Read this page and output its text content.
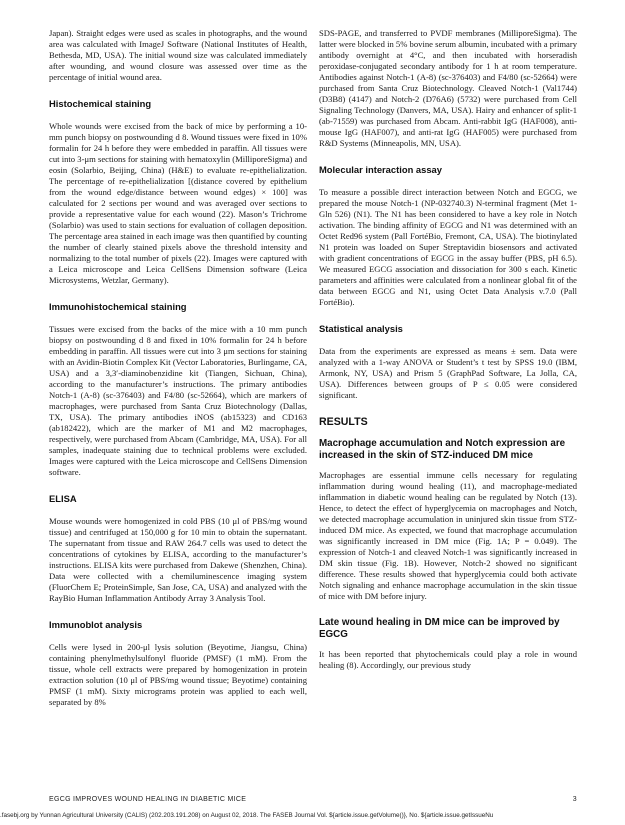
Japan). Straight edges were used as scales in photographs, and the wound area was calculated with ImageJ Software (National Institutes of Health, Bethesda, MD, USA). The initial wound size was calculated immediately after wounding, and wound closure was assessed over time as the percentage of initial wound area.

Histochemical staining

Whole wounds were excised from the back of mice by performing a 10-mm punch biopsy on postwounding d 8. Wound tissues were fixed in 10% formalin for 24 h before they were embedded in paraffin. All tissues were cut into 3-μm sections for staining with hematoxylin (MilliporeSigma) and eosin (Solarbio, Beijing, China) (H&E) to evaluate re-epithelialization. The percentage of re-epithelialization [(distance covered by epithelium from the wound edge/distance between wound edges) × 100] was calculated for 2 sections per wound and was averaged over sections to provide a representative value for each wound (22). Mason’s Trichrome (Solarbio) was used to stain sections for evaluation of collagen deposition. The percentage area stained in each image was then quantified by counting the number of clearly stained pixels above the threshold intensity and normalizing to the total number of pixels (22). Images were captured with a Leica microscope and Leica CellSens Dimension software (Leica Microsystems, Wetzlar, Germany).

Immunohistochemical staining

Tissues were excised from the backs of the mice with a 10 mm punch biopsy on postwounding d 8 and fixed in 10% formalin for 24 h before embedding in paraffin. All tissues were cut into 3 μm sections for staining with an Avidin-Biotin Complex Kit (Vector Laboratories, Burlingame, CA, USA) and a 3,3′-diaminobenzidine kit (Tiangen, Sichuan, China), according to the manufacturer’s instructions. The primary antibodies Notch-1 (A-8) (sc-376403) and F4/80 (sc-52664), which are markers of macrophages, were purchased from Santa Cruz Biotechnology (Dallas, TX, USA). The primary antibodies iNOS (ab15323) and CD163 (ab182422), which are the marker of M1 and M2 macrophages, respectively, were purchased from Abcam (Cambridge, MA, USA). For all samples, inadequate staining due to technical problems were excluded. Images were captured with the Leica microscope and CellSens Dimension software.

ELISA

Mouse wounds were homogenized in cold PBS (10 μl of PBS/mg wound tissue) and centrifuged at 150,000 g for 10 min to obtain the supernatant. The supernatant from tissue and RAW 264.7 cells was used to detect the concentrations of cytokines by ELISA, according to the manufacturer’s instructions. ELISA kits were purchased from Dakewe (Shenzhen, China). Data were collected with a chemiluminescence imaging system (FluorChem E; ProteinSimple, San Jose, CA, USA) and analyzed with the RayBio Human Inflammation Antibody Array 3 Analysis Tool.

Immunoblot analysis

Cells were lysed in 200-μl lysis solution (Beyotime, Jiangsu, China) containing phenylmethylsulfonyl fluoride (PMSF) (1 mM). From the tissue, whole cell extracts were prepared by homogenization in protein extraction solution (10 μl of PBS/mg wound tissue; Beyotime) containing PMSF (1 mM). Sixty micrograms protein was applied to each well, separated by 8%

SDS-PAGE, and transferred to PVDF membranes (MilliporeSigma). The latter were blocked in 5% bovine serum albumin, incubated with a primary antibody overnight at 4°C, and then incubated with horseradish peroxidase-conjugated secondary antibody for 1 h at room temperature. Antibodies against Notch-1 (A-8) (sc-376403) and F4/80 (sc-52664) were purchased from Santa Cruz Biotechnology. Cleaved Notch-1 (Val1744) (D3B8) (4147) and Notch-2 (D76A6) (5732) were purchased from Cell Signaling Technology (Danvers, MA, USA). Hairy and enhancer of split-1 (ab-71559) was purchased from Abcam. Anti-rabbit IgG (HAF008), anti-mouse IgG (HAF007), and anti-rat IgG (HAF005) were purchased from R&D Systems (Minneapolis, MN, USA).

Molecular interaction assay

To measure a possible direct interaction between Notch and EGCG, we prepared the mouse Notch-1 (NP-032740.3) N-terminal fragment (Met 1-Gln 526) (N1). The N1 has been considered to have a key role in Notch activation. The binding affinity of EGCG and N1 was determined with an Octet Red96 system (Pall FortéBio, Fremont, CA, USA). The biotinylated N1 protein was loaded on Super Streptavidin biosensors and activated with gradient concentrations of EGCG in the assay buffer (PBS, pH 6.5). We measured EGCG association and dissociation for 300 s each. Kinetic parameters and affinities were calculated from a nonlinear global fit of the data between EGCG and N1, using Octet Data Analysis v.7.0 (Pall FortéBio).

Statistical analysis

Data from the experiments are expressed as means ± sem. Data were analyzed with a 1-way ANOVA or Student’s t test by SPSS 19.0 (IBM, Armonk, NY, USA) and Prism 5 (GraphPad Software, La Jolla, CA, USA). Differences between groups of P ≤ 0.05 were considered significant.

RESULTS
Macrophage accumulation and Notch expression are increased in the skin of STZ-induced DM mice

Macrophages are essential immune cells necessary for regulating inflammation during wound healing (11), and macrophage-mediated inflammation in diabetic wound healing can be regulated by Notch (13). Hence, to detect the effect of hyperglycemia on macrophages and Notch, we detected macrophage accumulation in uninjured skin tissue from STZ-induced DM mice. As expected, we found that macrophage accumulation was significantly increased in DM mice (Fig. 1A; P = 0.049). The expression of Notch-1 and cleaved Notch-1 was significantly increased in DM skin tissue (Fig. 1B). However, Notch-2 showed no significant difference. These results showed that hyperglycemia could both activate Notch signaling and enhance macrophage accumulation in the skin tissue of mice with DM before injury.

Late wound healing in DM mice can be improved by EGCG

It has been reported that phytochemicals could play a role in wound healing (8). Accordingly, our previous study

EGCG IMPROVES WOUND HEALING IN DIABETIC MICE	3
.fasebj.org by Yunnan Agricultural University (CALIS) (202.203.191.208) on August 02, 2018. The FASEB Journal Vol. ${article.issue.getVolume()}, No. ${article.issue.getIssueNu
